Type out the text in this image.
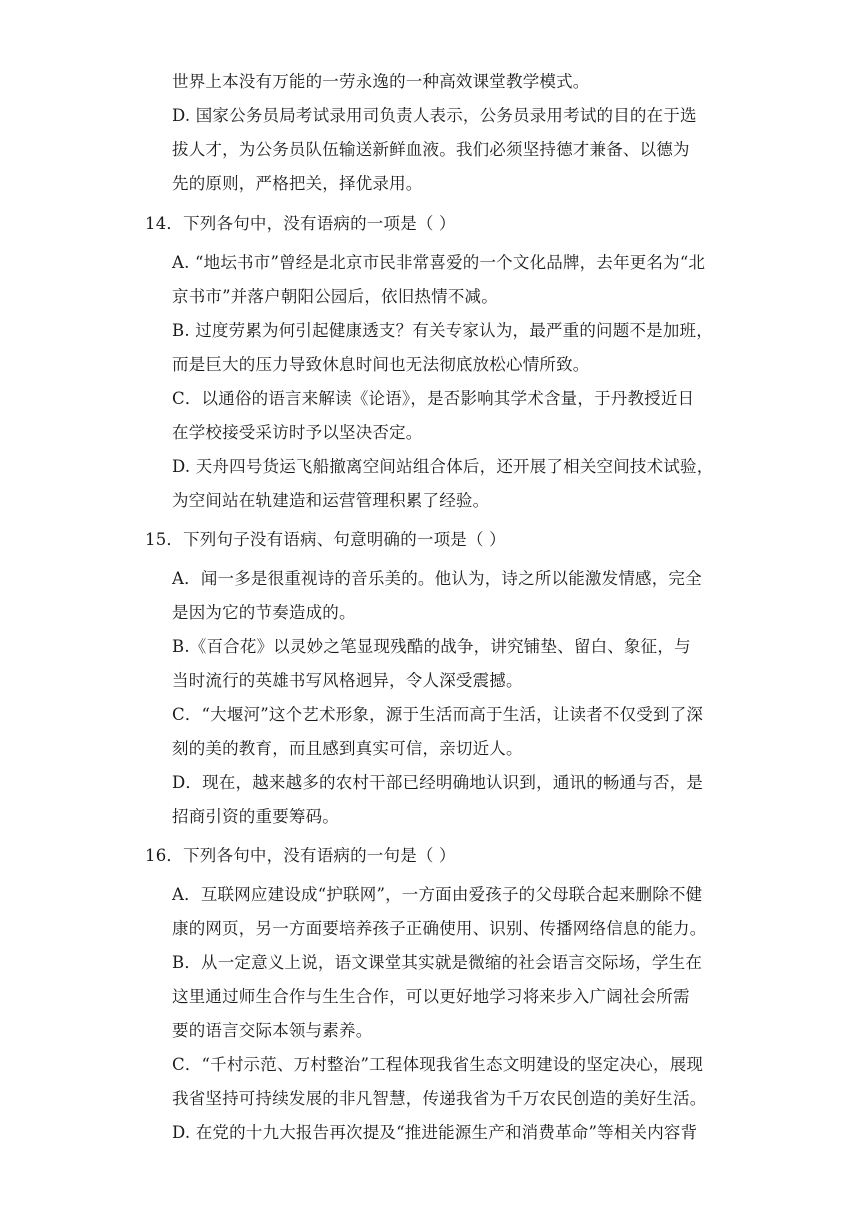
世界上本没有万能的一劳永逸的一种高效课堂教学模式。
D. 国家公务员局考试录用司负责人表示，公务员录用考试的目的在于选
拔人才，为公务员队伍输送新鲜血液。我们必须坚持德才兼备、以德为
先的原则，严格把关，择优录用。
14．下列各句中，没有语病的一项是（ ）
A. “地坛书市”曾经是北京市民非常喜爱的一个文化品牌，去年更名为“北
京书市”并落户朝阳公园后，依旧热情不减。
B. 过度劳累为何引起健康透支？有关专家认为，最严重的问题不是加班，
而是巨大的压力导致休息时间也无法彻底放松心情所致。
C．以通俗的语言来解读《论语》，是否影响其学术含量，于丹教授近日
在学校接受采访时予以坚决否定。
D. 天舟四号货运飞船撤离空间站组合体后，还开展了相关空间技术试验，
为空间站在轨建造和运营管理积累了经验。
15．下列句子没有语病、句意明确的一项是（ ）
A．闻一多是很重视诗的音乐美的。他认为，诗之所以能激发情感，完全
是因为它的节奏造成的。
B.《百合花》以灵妙之笔显现残酷的战争，讲究铺垫、留白、象征，与
当时流行的英雄书写风格迥异，令人深受震撼。
C．“大堰河”这个艺术形象，源于生活而高于生活，让读者不仅受到了深
刻的美的教育，而且感到真实可信，亲切近人。
D．现在，越来越多的农村干部已经明确地认识到，通讯的畅通与否，是
招商引资的重要筹码。
16．下列各句中，没有语病的一句是（ ）
A．互联网应建设成“护联网”，一方面由爱孩子的父母联合起来删除不健
康的网页，另一方面要培养孩子正确使用、识别、传播网络信息的能力。
B．从一定意义上说，语文课堂其实就是微缩的社会语言交际场，学生在
这里通过师生合作与生生合作，可以更好地学习将来步入广阔社会所需
要的语言交际本领与素养。
C．“千村示范、万村整治”工程体现我省生态文明建设的坚定决心，展现
我省坚持可持续发展的非凡智慧，传递我省为千万农民创造的美好生活。
D. 在党的十九大报告再次提及“推进能源生产和消费革命”等相关内容背
